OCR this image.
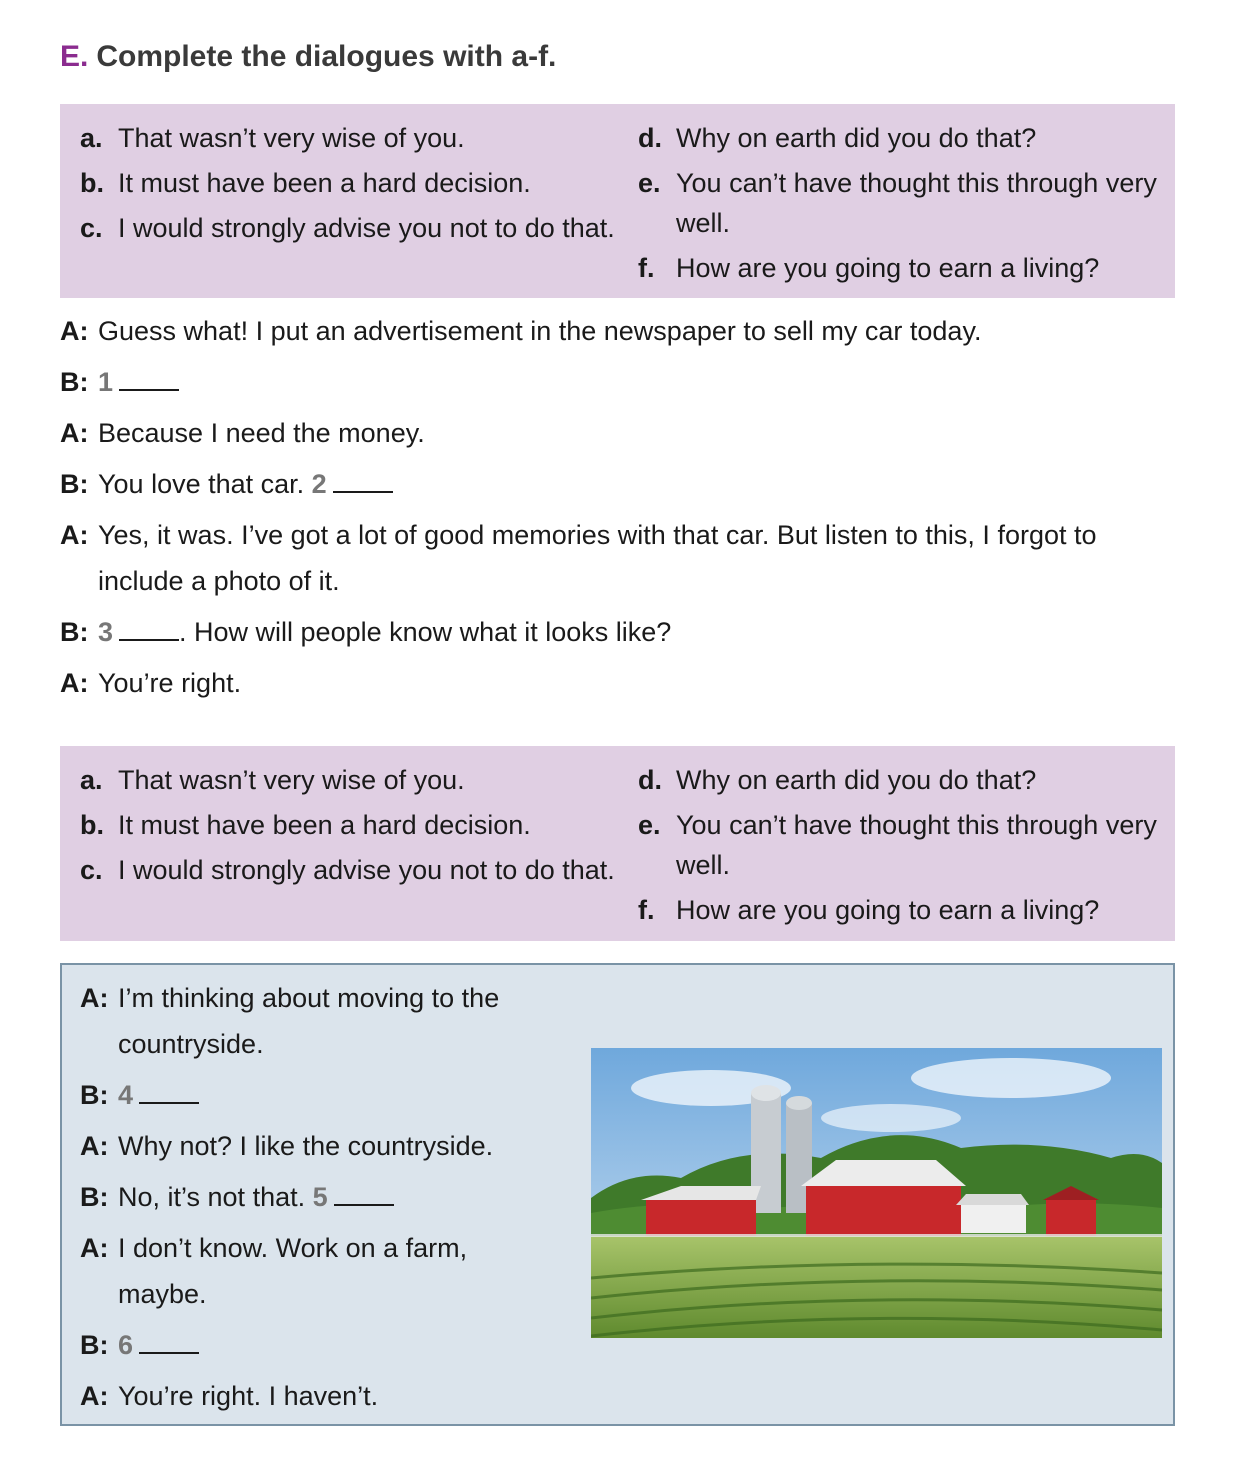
E. Complete the dialogues with a-f.
a. That wasn’t very wise of you.
b. It must have been a hard decision.
c. I would strongly advise you not to do that.
d. Why on earth did you do that?
e. You can’t have thought this through very well.
f. How are you going to earn a living?
A: Guess what! I put an advertisement in the newspaper to sell my car today.
B: 1
A: Because I need the money.
B: You love that car. 2
A: Yes, it was. I’ve got a lot of good memories with that car. But listen to this, I forgot to include a photo of it.
B: 3 . How will people know what it looks like?
A: You’re right.
a. That wasn’t very wise of you.
b. It must have been a hard decision.
c. I would strongly advise you not to do that.
d. Why on earth did you do that?
e. You can’t have thought this through very well.
f. How are you going to earn a living?
A: I’m thinking about moving to the countryside.
B: 4
A: Why not? I like the countryside.
B: No, it’s not that. 5
A: I don’t know. Work on a farm, maybe.
B: 6
A: You’re right. I haven’t.
